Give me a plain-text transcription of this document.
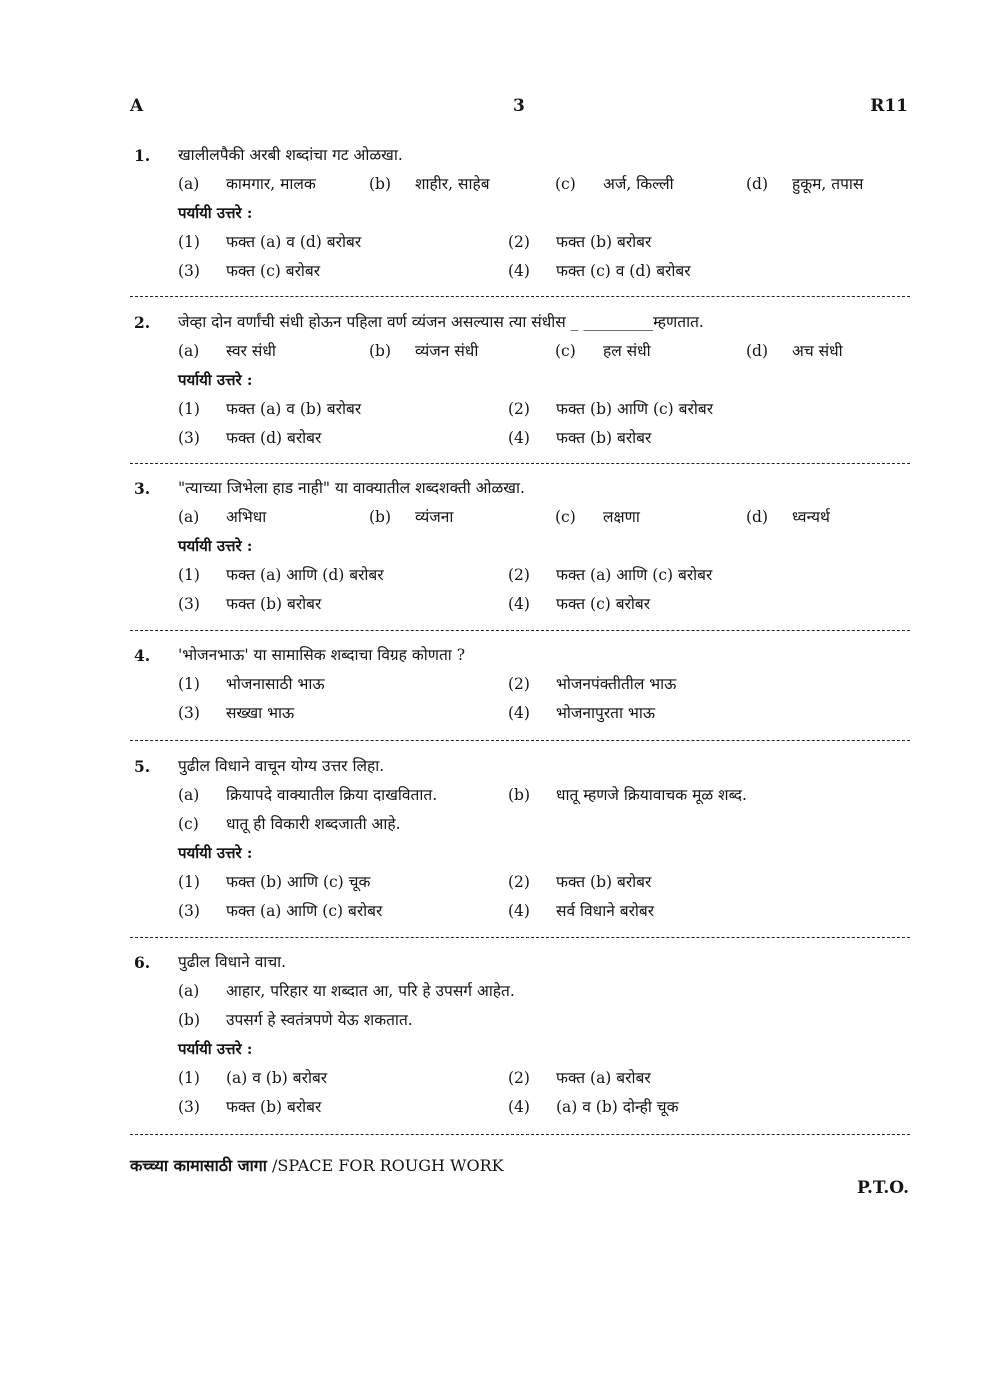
A	3	R11
1. खालीलपैकी अरबी शब्दांचा गट ओळखा.
(a) कामगार, मालक	(b) शाहीर, साहेब	(c) अर्ज, किल्ली	(d) हुकूम, तपास
पर्यायी उत्तरे :
(1) फक्त (a) व (d) बरोबर	(2) फक्त (b) बरोबर
(3) फक्त (c) बरोबर	(4) फक्त (c) व (d) बरोबर
2. जेव्हा दोन वर्णांची संधी होऊन पहिला वर्ण व्यंजन असल्यास त्या संधीस _ _________म्हणतात.
(a) स्वर संधी	(b) व्यंजन संधी	(c) हल संधी	(d) अच संधी
पर्यायी उत्तरे :
(1) फक्त (a) व (b) बरोबर	(2) फक्त (b) आणि (c) बरोबर
(3) फक्त (d) बरोबर	(4) फक्त (b) बरोबर
3. "त्याच्या जिभेला हाड नाही" या वाक्यातील शब्दशक्ती ओळखा.
(a) अभिधा	(b) व्यंजना	(c) लक्षणा	(d) ध्वन्यर्थ
पर्यायी उत्तरे :
(1) फक्त (a) आणि (d) बरोबर	(2) फक्त (a) आणि (c) बरोबर
(3) फक्त (b) बरोबर	(4) फक्त (c) बरोबर
4. 'भोजनभाऊ' या सामासिक शब्दाचा विग्रह कोणता ?
(1) भोजनासाठी भाऊ	(2) भोजनपंक्तीतील भाऊ
(3) सख्खा भाऊ	(4) भोजनापुरता भाऊ
5. पुढील विधाने वाचून योग्य उत्तर लिहा.
(a) क्रियापदे वाक्यातील क्रिया दाखवितात.	(b) धातू म्हणजे क्रियावाचक मूळ शब्द.
(c) धातू ही विकारी शब्दजाती आहे.
पर्यायी उत्तरे :
(1) फक्त (b) आणि (c) चूक	(2) फक्त (b) बरोबर
(3) फक्त (a) आणि (c) बरोबर	(4) सर्व विधाने बरोबर
6. पुढील विधाने वाचा.
(a) आहार, परिहार या शब्दात आ, परि हे उपसर्ग आहेत.
(b) उपसर्ग हे स्वतंत्रपणे येऊ शकतात.
पर्यायी उत्तरे :
(1) (a) व (b) बरोबर	(2) फक्त (a) बरोबर
(3) फक्त (b) बरोबर	(4) (a) व (b) दोन्ही चूक
कच्च्या कामासाठी जागा /SPACE FOR ROUGH WORK
P.T.O.
